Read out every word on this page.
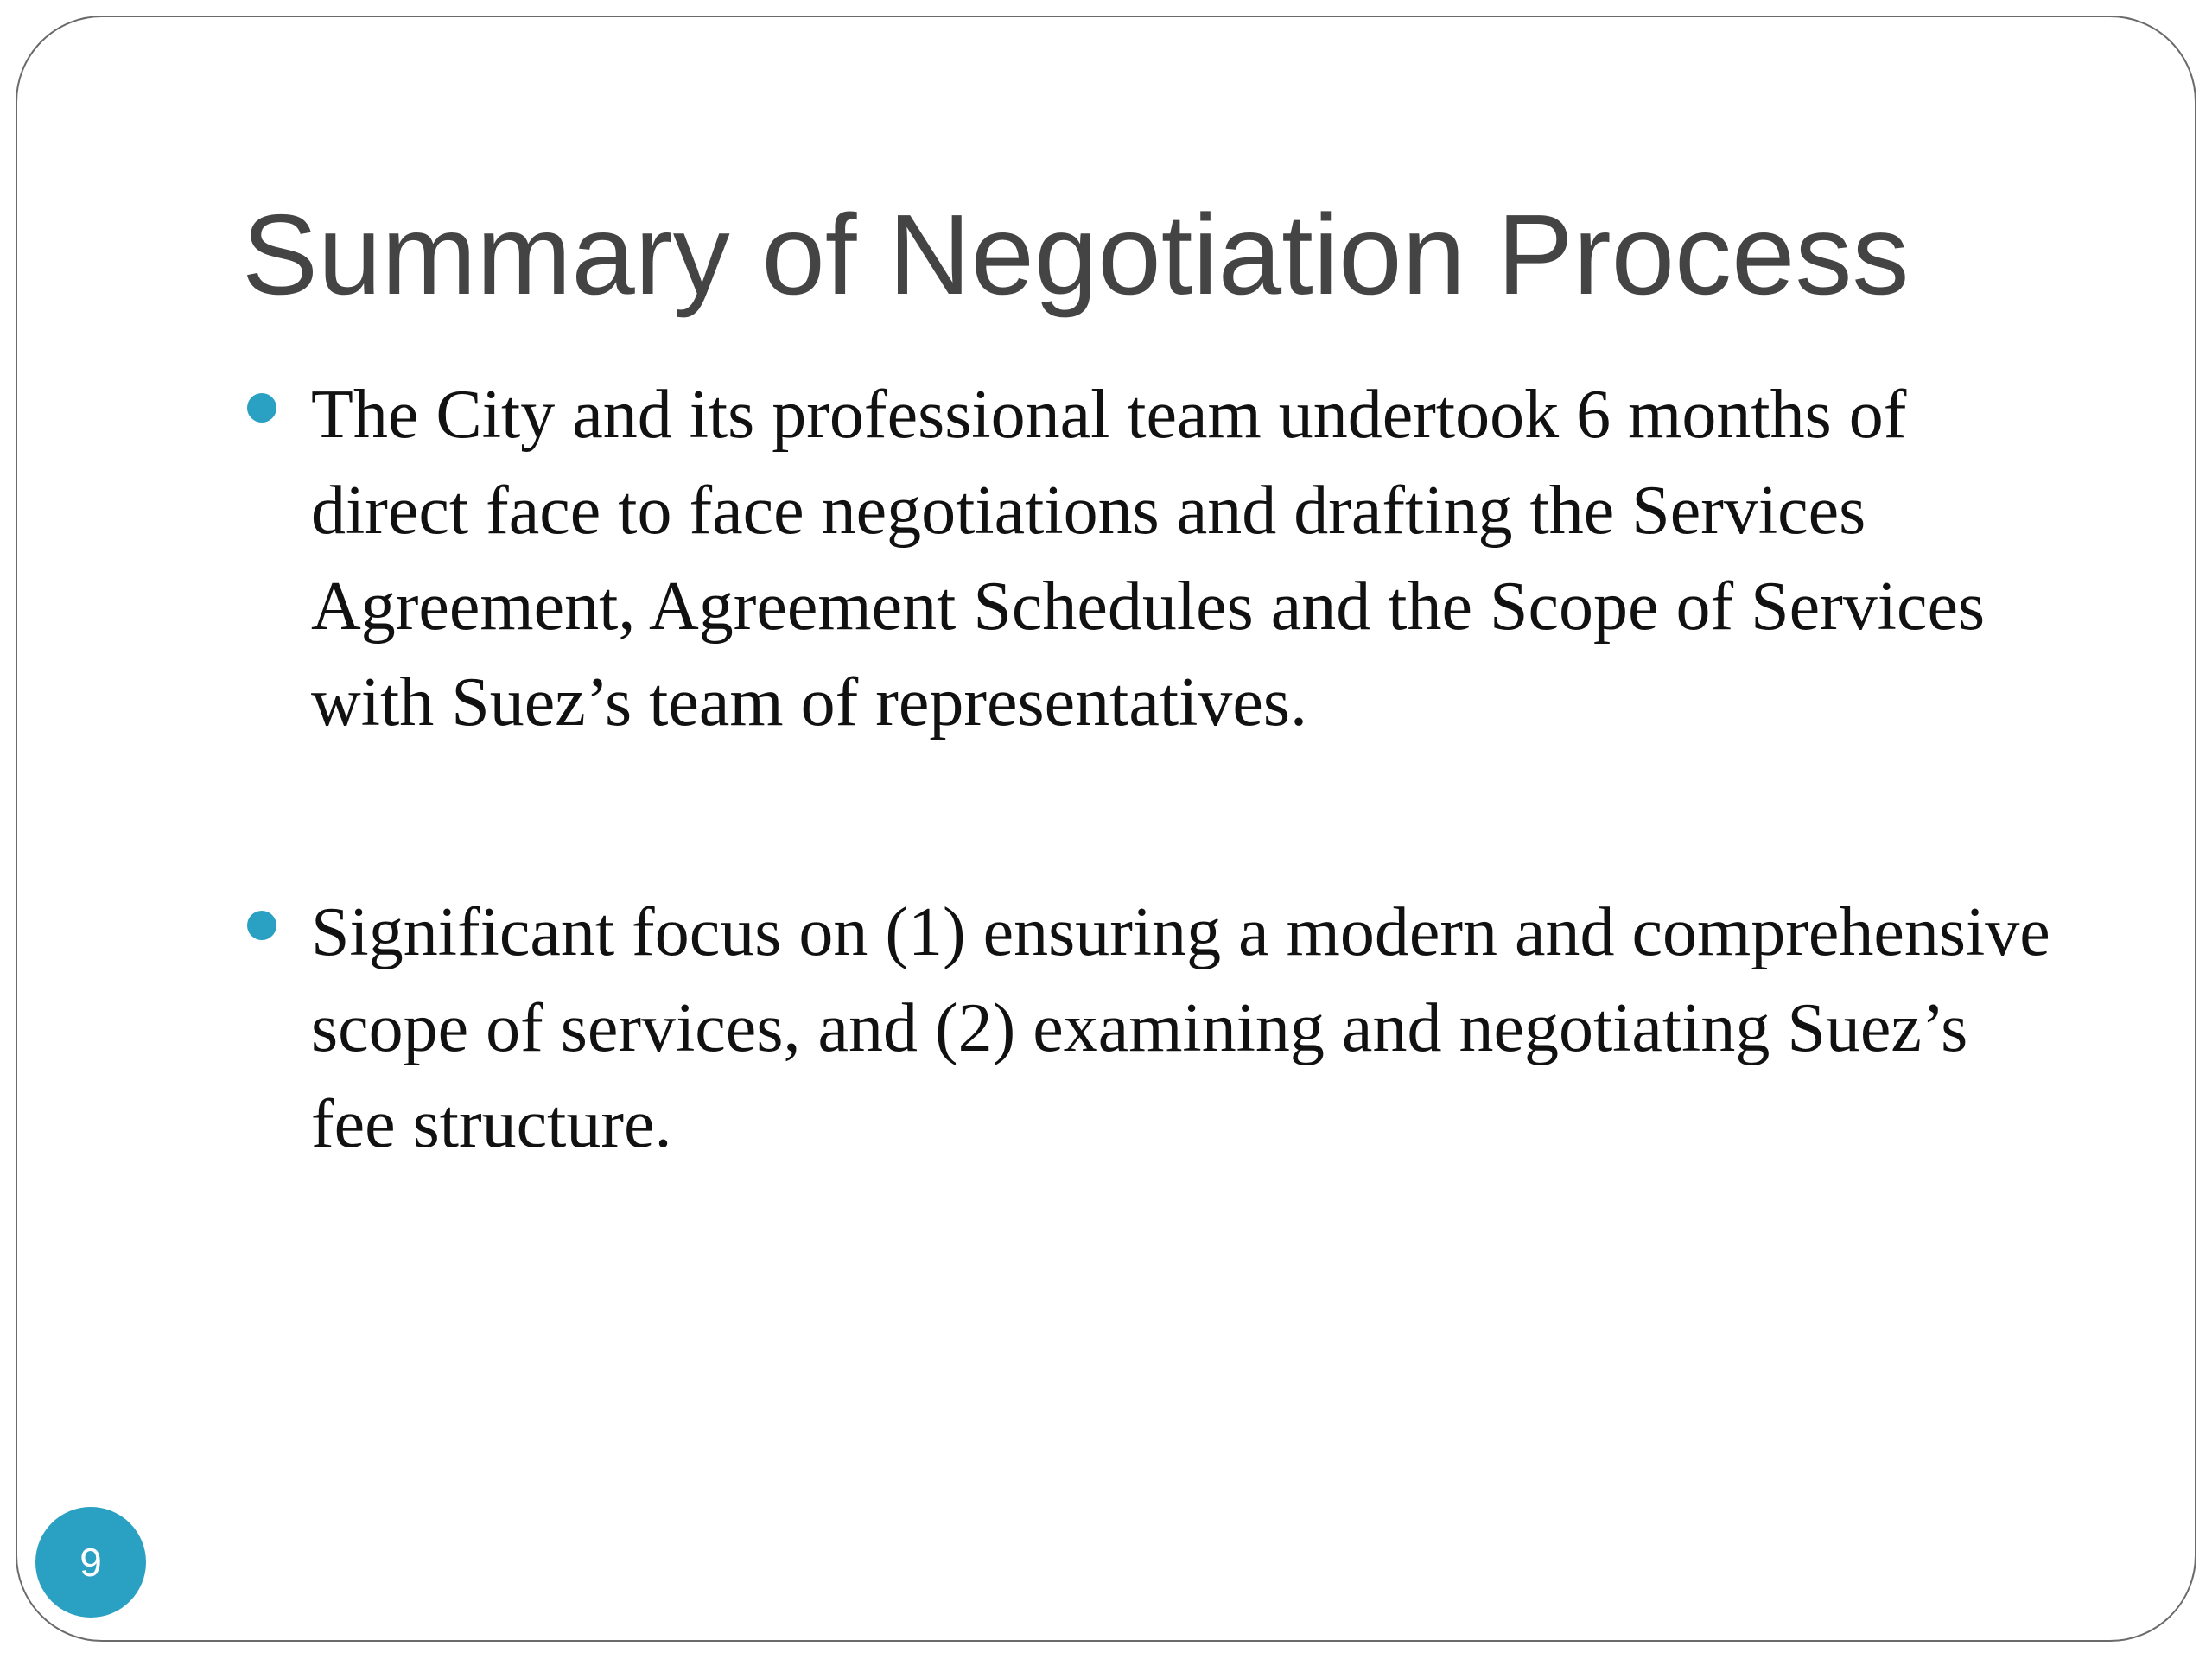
Summary of Negotiation Process
The City and its professional team undertook 6 months of direct face to face negotiations and drafting the Services Agreement, Agreement Schedules and the Scope of Services with Suez’s team of representatives.
Significant focus on (1) ensuring a modern and comprehensive scope of services, and (2) examining and negotiating Suez’s fee structure.
9
